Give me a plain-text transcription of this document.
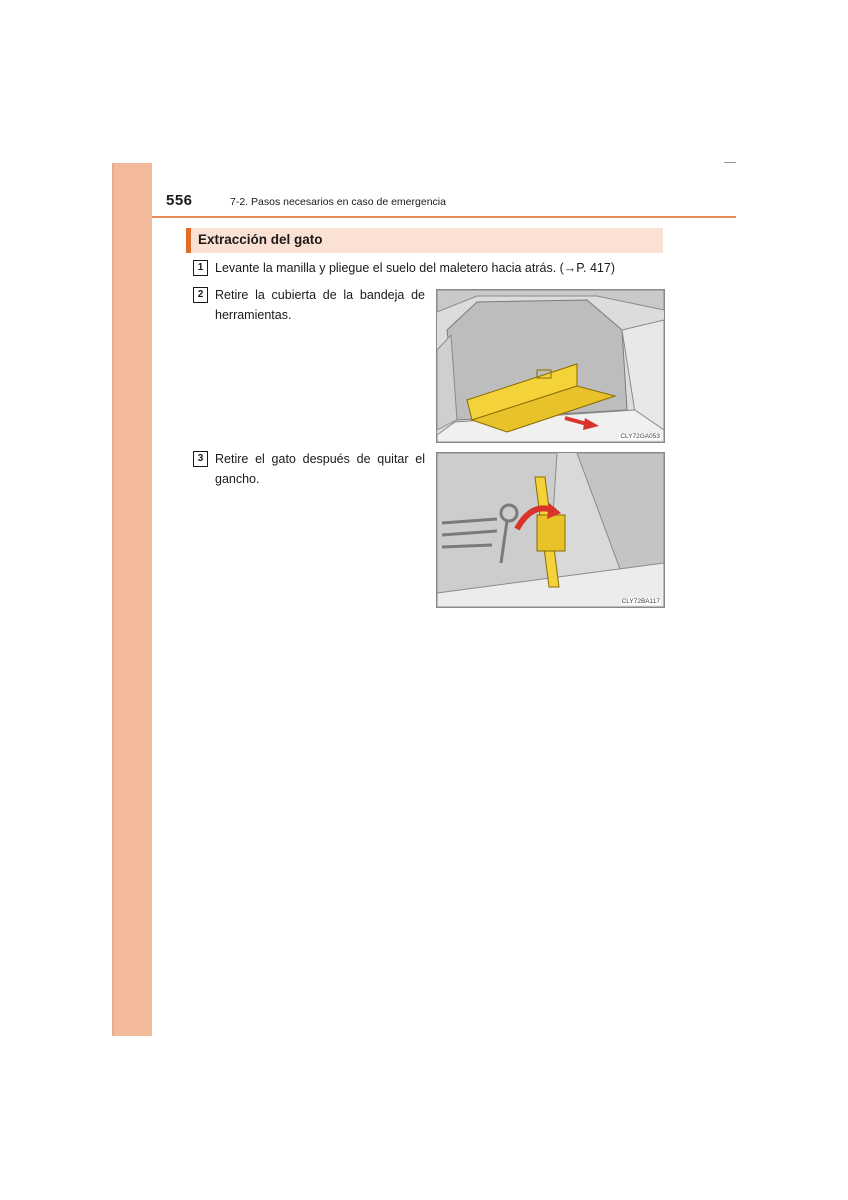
556	7-2. Pasos necesarios en caso de emergencia
Extracción del gato
1 Levante la manilla y pliegue el suelo del maletero hacia atrás. (→P. 417)
2 Retire la cubierta de la bandeja de herramientas.
CLY72GA053
3 Retire el gato después de quitar el gancho.
CLY72BA117
